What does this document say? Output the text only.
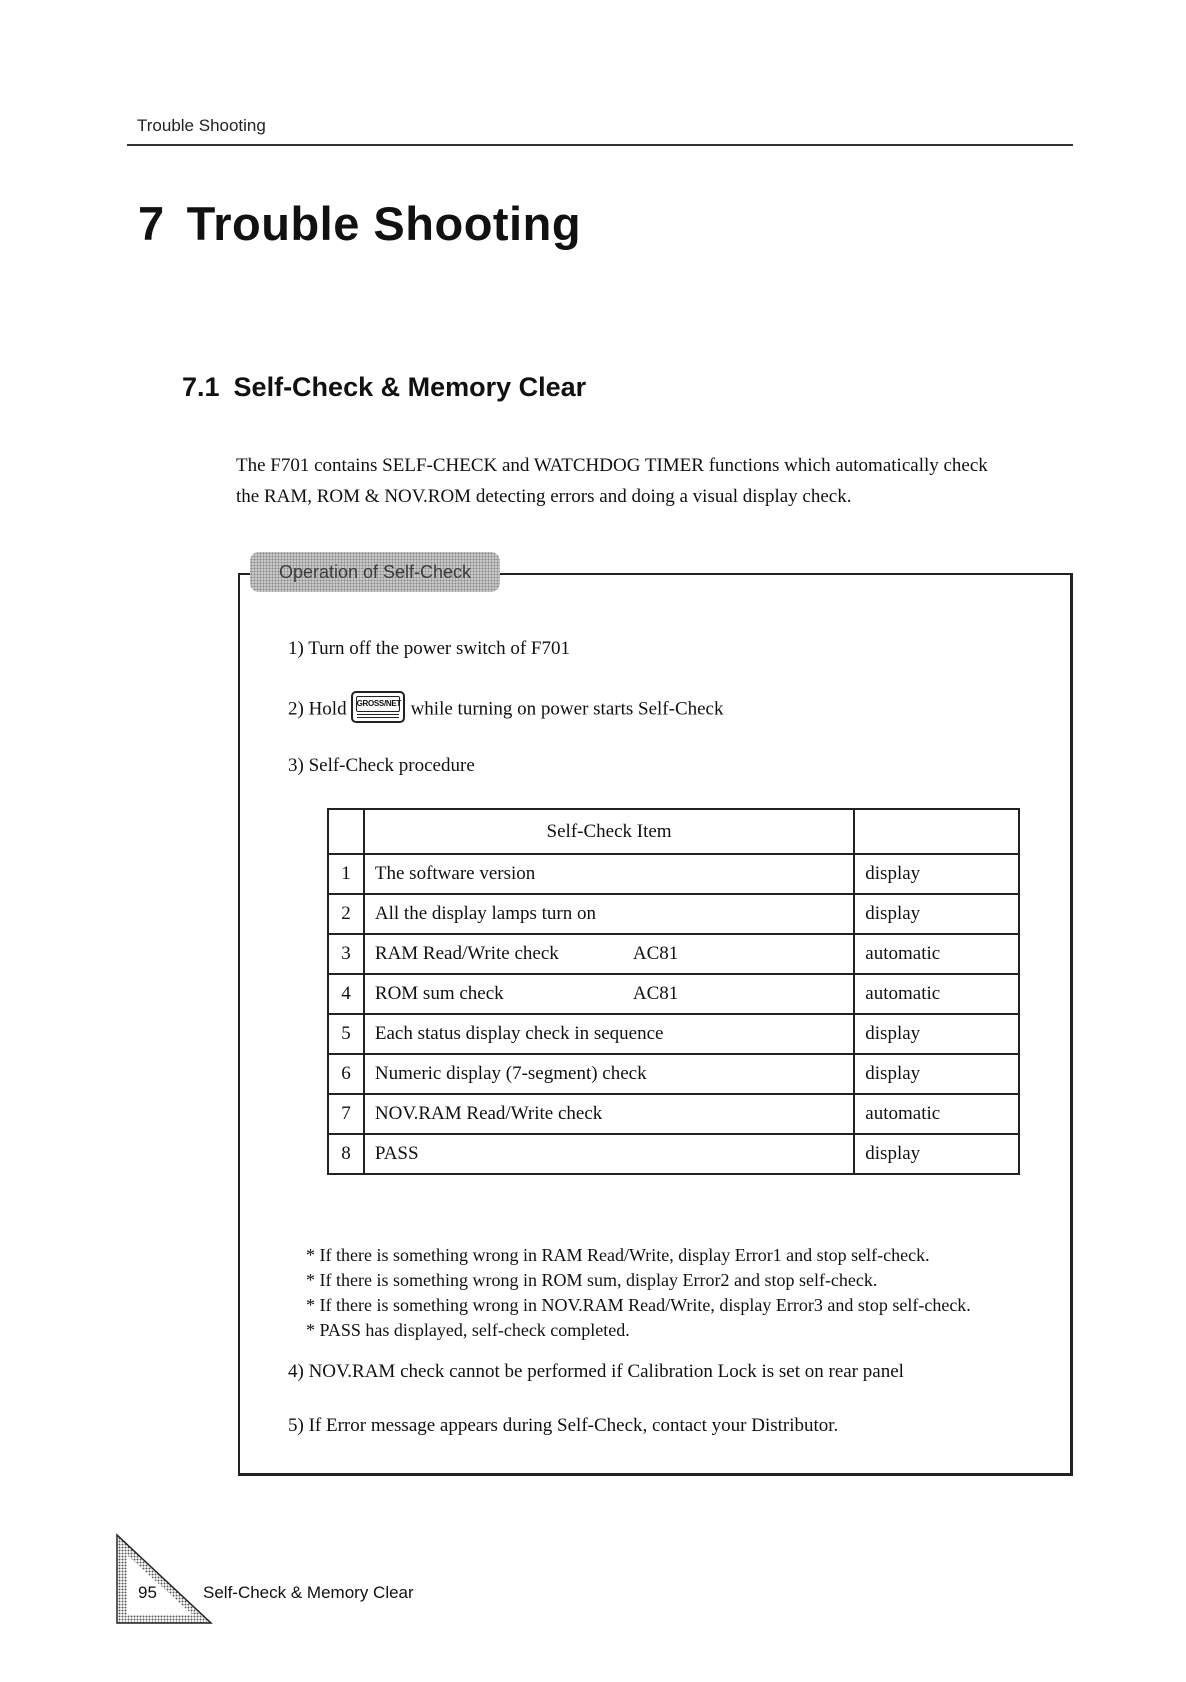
Trouble Shooting
7 Trouble Shooting
7.1 Self-Check & Memory Clear

The F701 contains SELF-CHECK and WATCHDOG TIMER functions which automatically check
the RAM, ROM & NOV.ROM detecting errors and doing a visual display check.

Operation of Self-Check

1) Turn off the power switch of F701

2) Hold GROSS/NET while turning on power starts Self-Check

3) Self-Check procedure

	Self-Check Item	
1	The software version	display
2	All the display lamps turn on	display
3	RAM Read/Write check AC81	automatic
4	ROM sum check AC81	automatic
5	Each status display check in sequence	display
6	Numeric display (7-segment) check	display
7	NOV.RAM Read/Write check	automatic
8	PASS	display
* If there is something wrong in RAM Read/Write, display Error1 and stop self-check.
* If there is something wrong in ROM sum, display Error2 and stop self-check.
* If there is something wrong in NOV.RAM Read/Write, display Error3 and stop self-check.
* PASS has displayed, self-check completed.

4) NOV.RAM check cannot be performed if Calibration Lock is set on rear panel

5) If Error message appears during Self-Check, contact your Distributor.

95	Self-Check & Memory Clear
